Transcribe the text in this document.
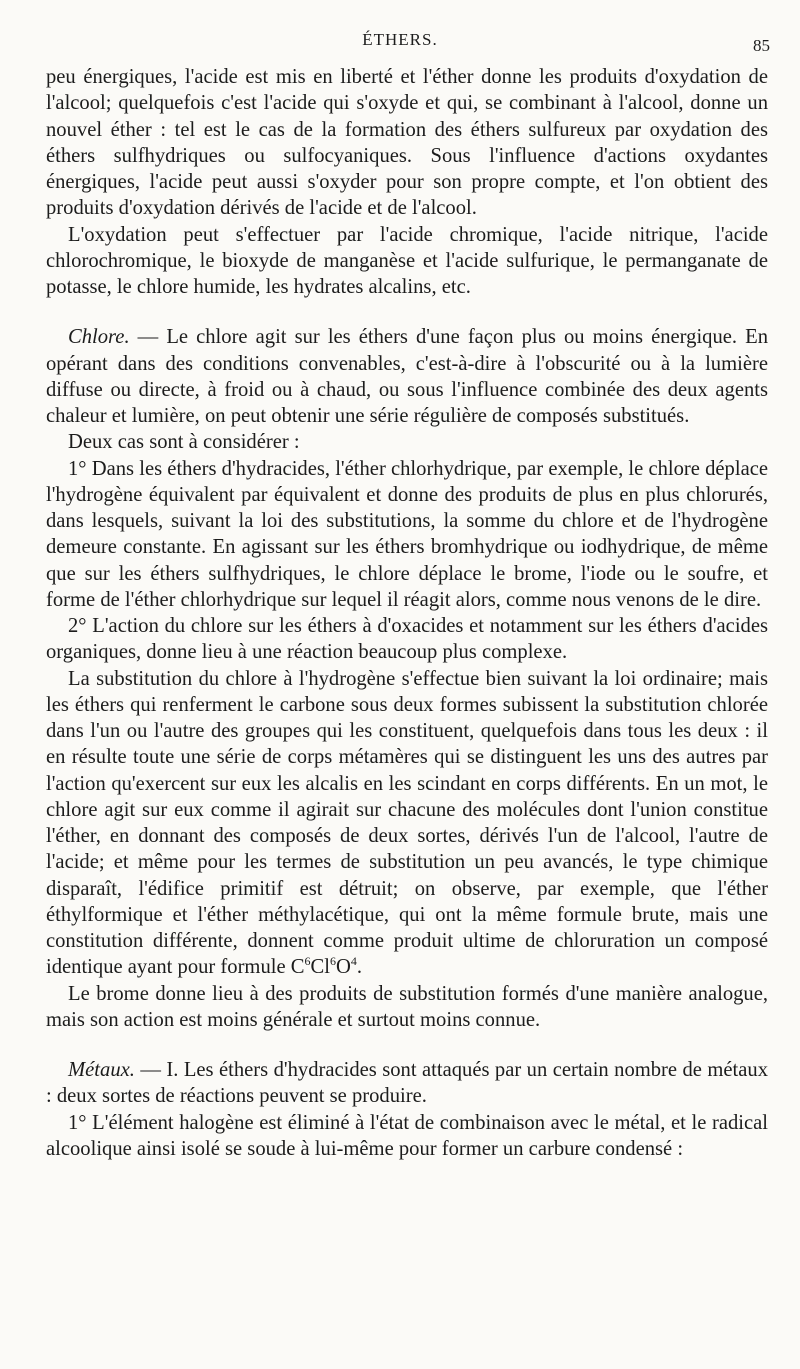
ÉTHERS.	85

peu énergiques, l'acide est mis en liberté et l'éther donne les produits d'oxydation de l'alcool; quelquefois c'est l'acide qui s'oxyde et qui, se combinant à l'alcool, donne un nouvel éther : tel est le cas de la formation des éthers sulfureux par oxydation des éthers sulfhydriques ou sulfocyaniques. Sous l'influence d'actions oxydantes énergiques, l'acide peut aussi s'oxyder pour son propre compte, et l'on obtient des produits d'oxydation dérivés de l'acide et de l'alcool.

L'oxydation peut s'effectuer par l'acide chromique, l'acide nitrique, l'acide chlorochromique, le bioxyde de manganèse et l'acide sulfurique, le permanganate de potasse, le chlore humide, les hydrates alcalins, etc.

Chlore. — Le chlore agit sur les éthers d'une façon plus ou moins énergique. En opérant dans des conditions convenables, c'est-à-dire à l'obscurité ou à la lumière diffuse ou directe, à froid ou à chaud, ou sous l'influence combinée des deux agents chaleur et lumière, on peut obtenir une série régulière de composés substitués.

Deux cas sont à considérer :

1° Dans les éthers d'hydracides, l'éther chlorhydrique, par exemple, le chlore déplace l'hydrogène équivalent par équivalent et donne des produits de plus en plus chlorurés, dans lesquels, suivant la loi des substitutions, la somme du chlore et de l'hydrogène demeure constante. En agissant sur les éthers bromhydrique ou iodhydrique, de même que sur les éthers sulfhydriques, le chlore déplace le brome, l'iode ou le soufre, et forme de l'éther chlorhydrique sur lequel il réagit alors, comme nous venons de le dire.

2° L'action du chlore sur les éthers à d'oxacides et notamment sur les éthers d'acides organiques, donne lieu à une réaction beaucoup plus complexe.

La substitution du chlore à l'hydrogène s'effectue bien suivant la loi ordinaire; mais les éthers qui renferment le carbone sous deux formes subissent la substitution chlorée dans l'un ou l'autre des groupes qui les constituent, quelquefois dans tous les deux : il en résulte toute une série de corps métamères qui se distinguent les uns des autres par l'action qu'exercent sur eux les alcalis en les scindant en corps différents. En un mot, le chlore agit sur eux comme il agirait sur chacune des molécules dont l'union constitue l'éther, en donnant des composés de deux sortes, dérivés l'un de l'alcool, l'autre de l'acide; et même pour les termes de substitution un peu avancés, le type chimique disparaît, l'édifice primitif est détruit; on observe, par exemple, que l'éther éthylformique et l'éther méthylacétique, qui ont la même formule brute, mais une constitution différente, donnent comme produit ultime de chloruration un composé identique ayant pour formule $C^6Cl^6O^4$.

Le brome donne lieu à des produits de substitution formés d'une manière analogue, mais son action est moins générale et surtout moins connue.

Métaux. — I. Les éthers d'hydracides sont attaqués par un certain nombre de métaux : deux sortes de réactions peuvent se produire.

1° L'élément halogène est éliminé à l'état de combinaison avec le métal, et le radical alcoolique ainsi isolé se soude à lui-même pour former un carbure condensé :
